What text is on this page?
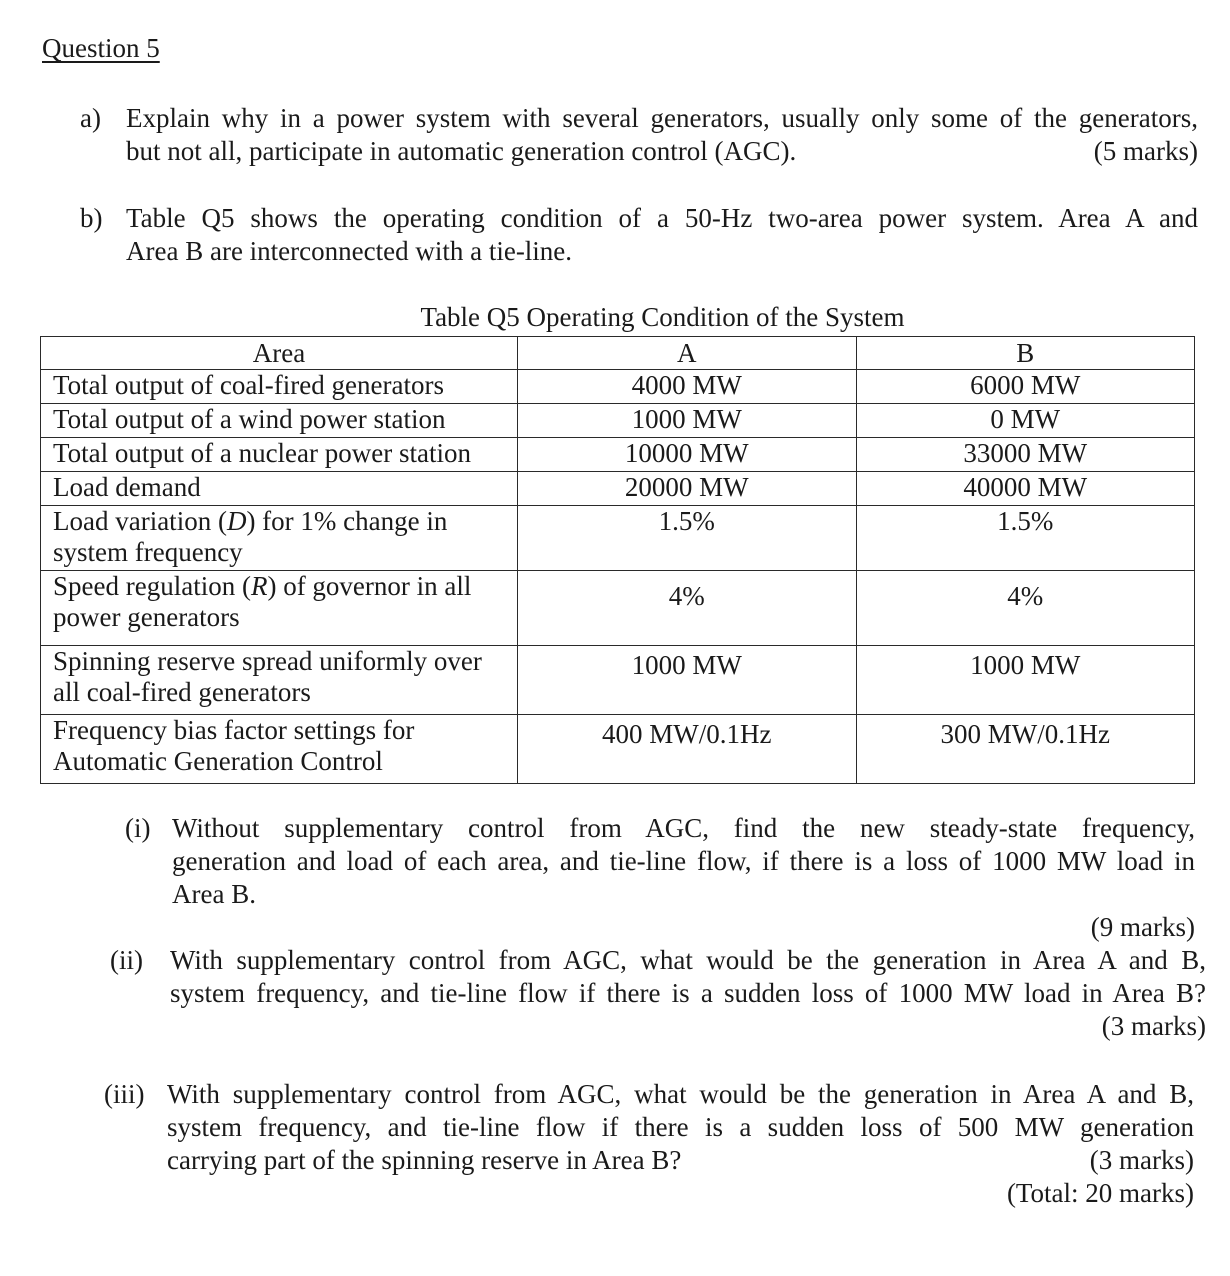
Question 5
a) Explain why in a power system with several generators, usually only some of the generators,
but not all, participate in automatic generation control (AGC).	(5 marks)
b) Table Q5 shows the operating condition of a 50-Hz two-area power system. Area A and
Area B are interconnected with a tie-line.
Table Q5 Operating Condition of the System
Area	A	B
Total output of coal-fired generators	4000 MW	6000 MW
Total output of a wind power station	1000 MW	0 MW
Total output of a nuclear power station	10000 MW	33000 MW
Load demand	20000 MW	40000 MW
Load variation (D) for 1% change in system frequency	1.5%	1.5%
Speed regulation (R) of governor in all power generators	4%	4%
Spinning reserve spread uniformly over all coal-fired generators	1000 MW	1000 MW
Frequency bias factor settings for Automatic Generation Control	400 MW/0.1Hz	300 MW/0.1Hz
(i) Without supplementary control from AGC, find the new steady-state frequency,
generation and load of each area, and tie-line flow, if there is a loss of 1000 MW load in
Area B.
(9 marks)
(ii) With supplementary control from AGC, what would be the generation in Area A and B,
system frequency, and tie-line flow if there is a sudden loss of 1000 MW load in Area B?
(3 marks)
(iii) With supplementary control from AGC, what would be the generation in Area A and B,
system frequency, and tie-line flow if there is a sudden loss of 500 MW generation
carrying part of the spinning reserve in Area B?	(3 marks)
(Total: 20 marks)
